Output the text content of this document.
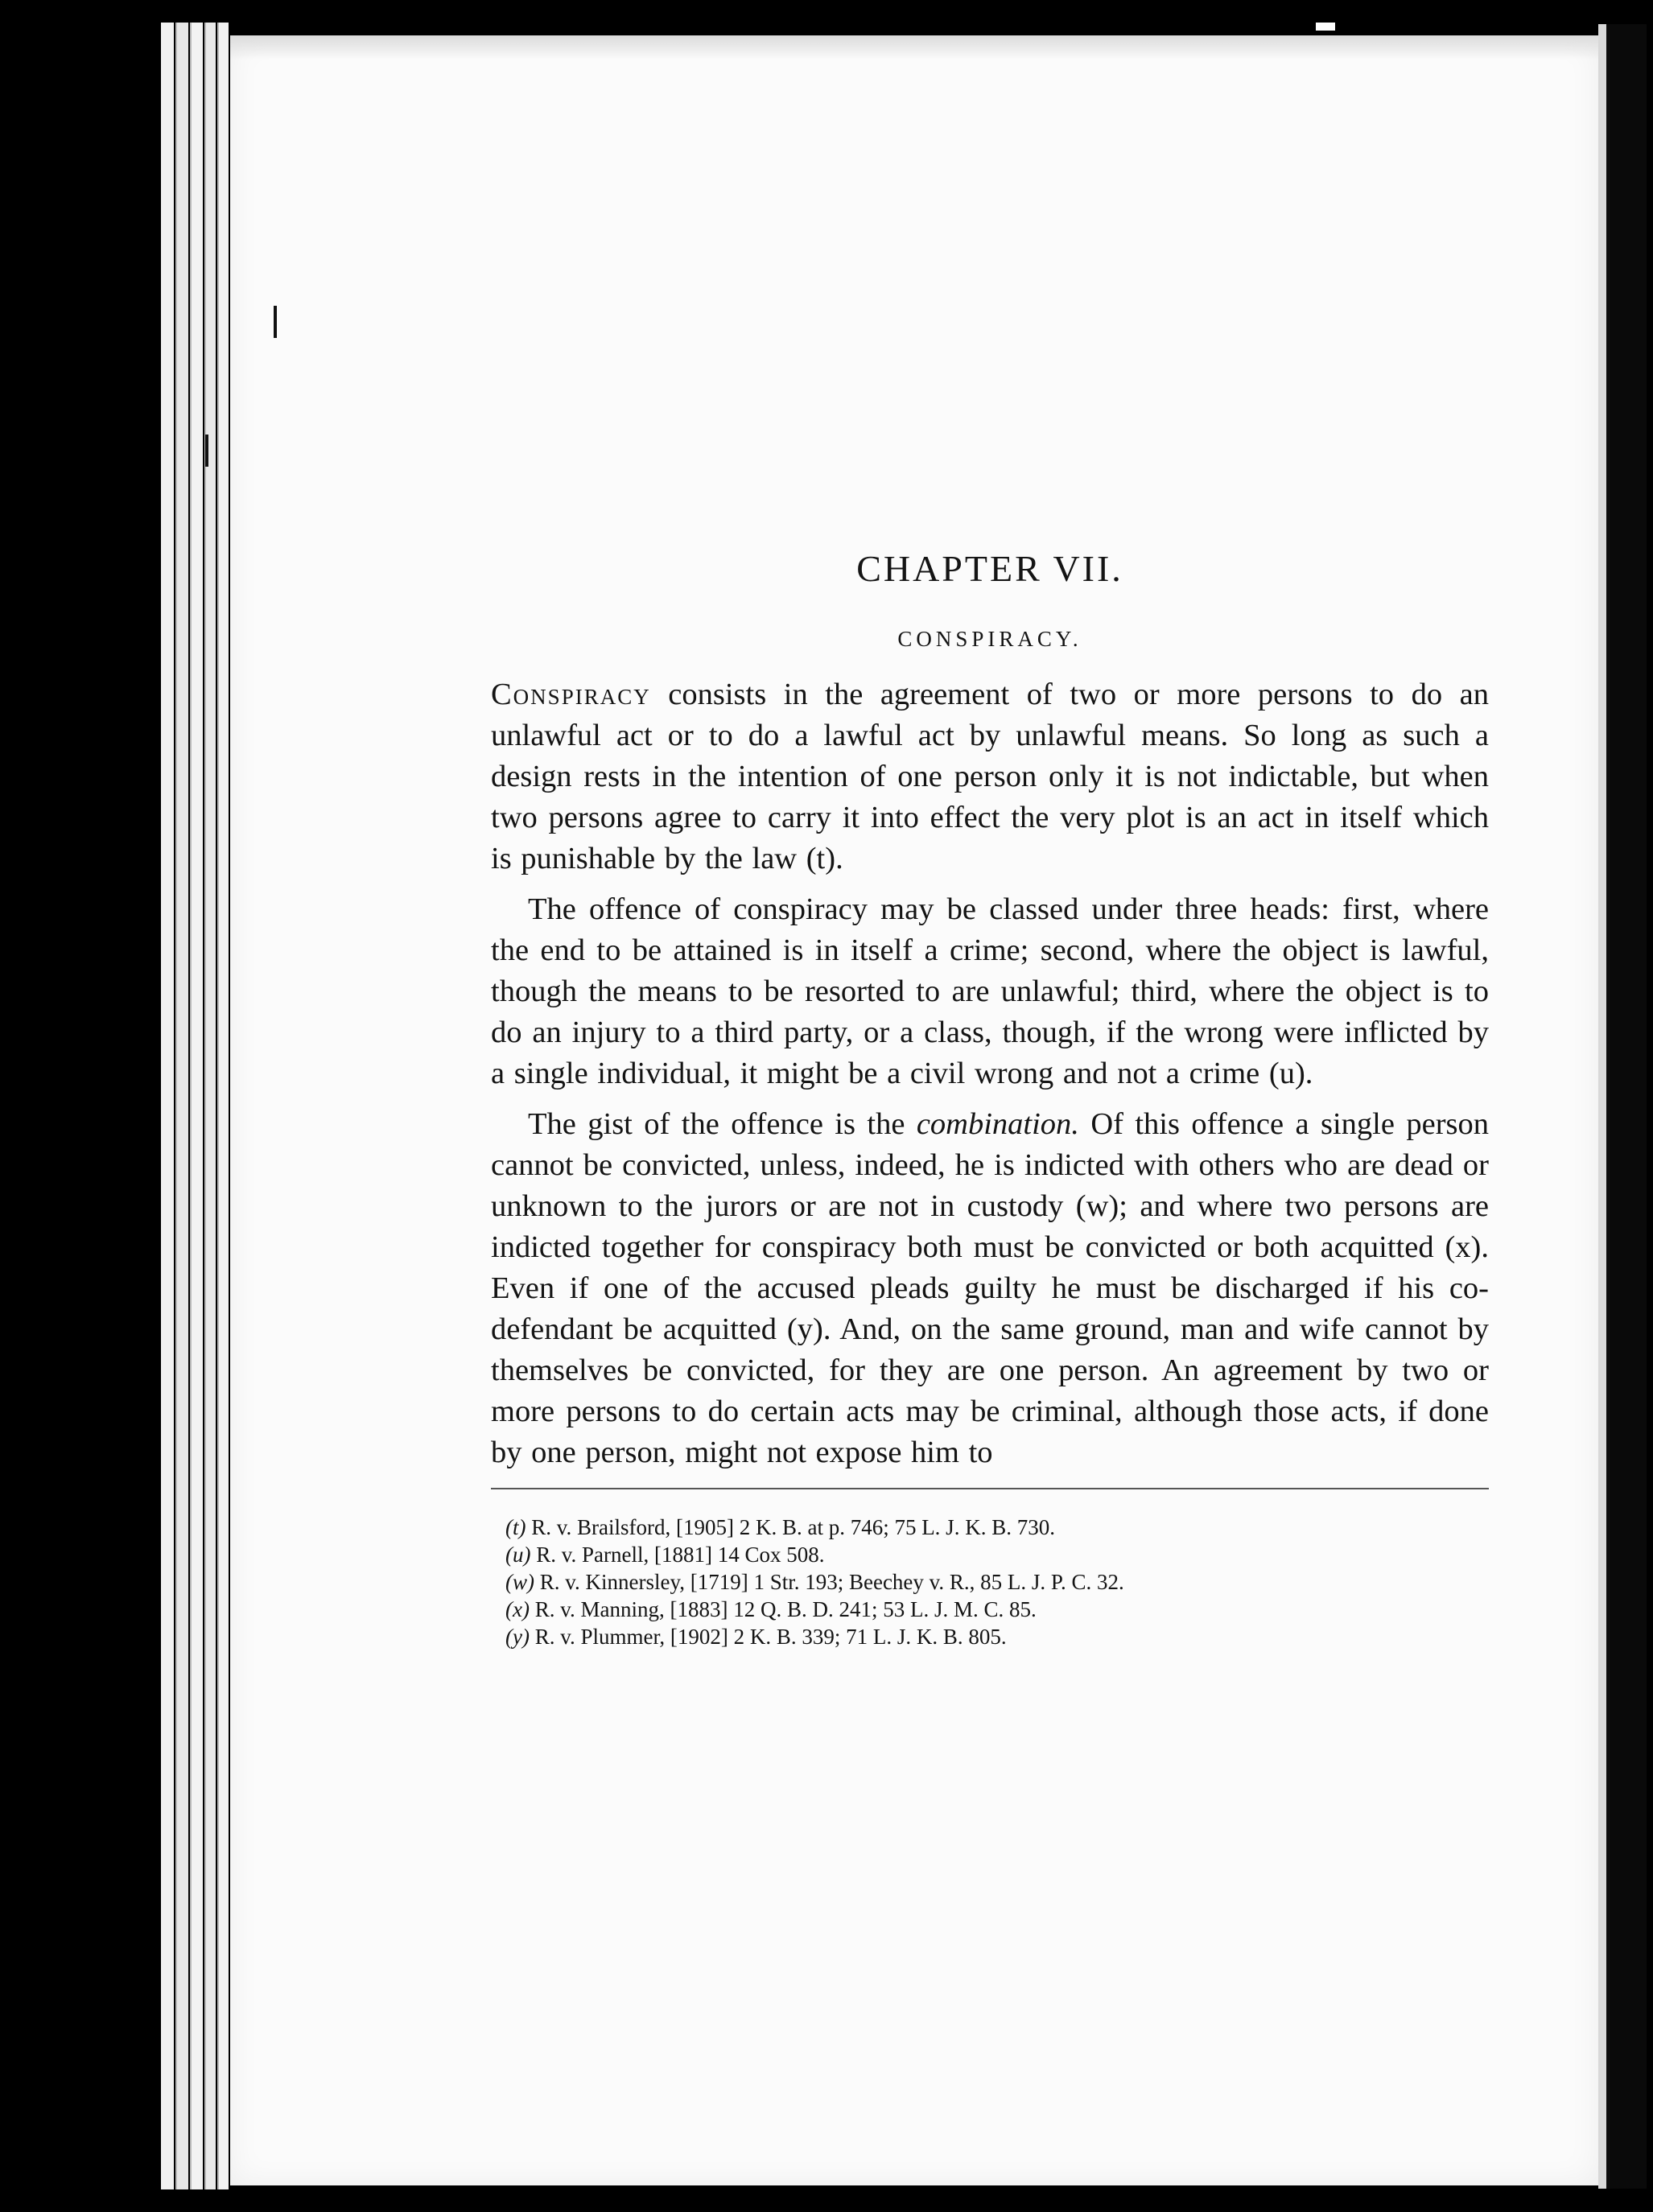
CHAPTER VII.
CONSPIRACY.

Conspiracy consists in the agreement of two or more persons to do an unlawful act or to do a lawful act by unlawful means. So long as such a design rests in the intention of one person only it is not indictable, but when two persons agree to carry it into effect the very plot is an act in itself which is punishable by the law (t).

The offence of conspiracy may be classed under three heads: first, where the end to be attained is in itself a crime; second, where the object is lawful, though the means to be resorted to are unlawful; third, where the object is to do an injury to a third party, or a class, though, if the wrong were inflicted by a single individual, it might be a civil wrong and not a crime (u).

The gist of the offence is the combination. Of this offence a single person cannot be convicted, unless, indeed, he is indicted with others who are dead or unknown to the jurors or are not in custody (w); and where two persons are indicted together for conspiracy both must be convicted or both acquitted (x). Even if one of the accused pleads guilty he must be discharged if his co-defendant be acquitted (y). And, on the same ground, man and wife cannot by themselves be convicted, for they are one person. An agreement by two or more persons to do certain acts may be criminal, although those acts, if done by one person, might not expose him to

(t) R. v. Brailsford, [1905] 2 K. B. at p. 746; 75 L. J. K. B. 730.
(u) R. v. Parnell, [1881] 14 Cox 508.
(w) R. v. Kinnersley, [1719] 1 Str. 193; Beechey v. R., 85 L. J. P. C. 32.
(x) R. v. Manning, [1883] 12 Q. B. D. 241; 53 L. J. M. C. 85.
(y) R. v. Plummer, [1902] 2 K. B. 339; 71 L. J. K. B. 805.
